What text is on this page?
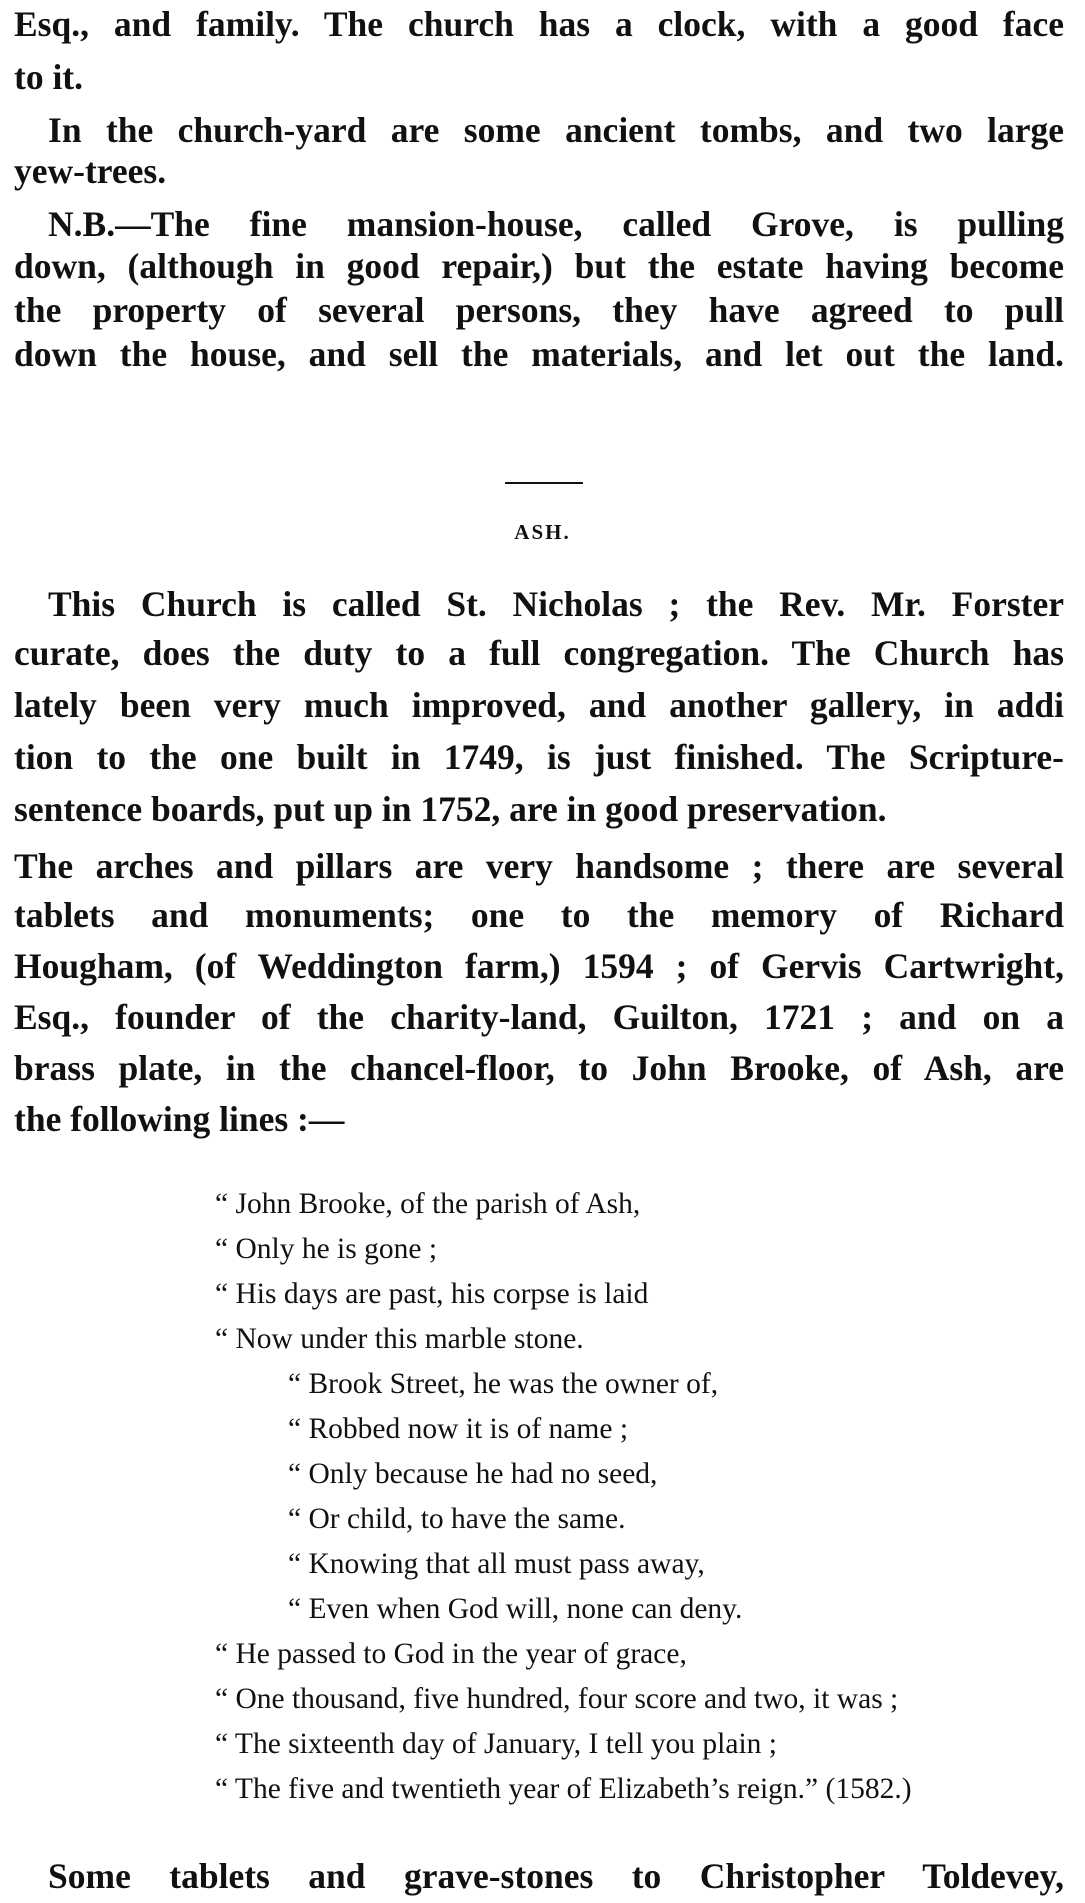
Esq., and family. The church has a clock, with a good face
to it.
In the church-yard are some ancient tombs, and two large
yew-trees.
N.B.—The fine mansion-house, called Grove, is pulling
down, (although in good repair,) but the estate having become
the property of several persons, they have agreed to pull
down the house, and sell the materials, and let out the land.
This Church is called St. Nicholas ; the Rev. Mr. Forster
curate, does the duty to a full congregation. The Church has
lately been very much improved, and another gallery, in addi
tion to the one built in 1749, is just finished. The Scripture-
sentence boards, put up in 1752, are in good preservation.
The arches and pillars are very handsome ; there are several
tablets and monuments; one to the memory of Richard
Hougham, (of Weddington farm,) 1594 ; of Gervis Cartwright,
Esq., founder of the charity-land, Guilton, 1721 ; and on a
brass plate, in the chancel-floor, to John Brooke, of Ash, are
the following lines :—
Some tablets and grave-stones to Christopher Toldevey,
ASH.
“ John Brooke, of the parish of Ash,
“ Only he is gone ;
“ His days are past, his corpse is laid
“ Now under this marble stone.
“ Brook Street, he was the owner of,
“ Robbed now it is of name ;
“ Only because he had no seed,
“ Or child, to have the same.
“ Knowing that all must pass away,
“ Even when God will, none can deny.
“ He passed to God in the year of grace,
“ One thousand, five hundred, four score and two, it was ;
“ The sixteenth day of January, I tell you plain ;
“ The five and twentieth year of Elizabeth’s reign.” (1582.)
